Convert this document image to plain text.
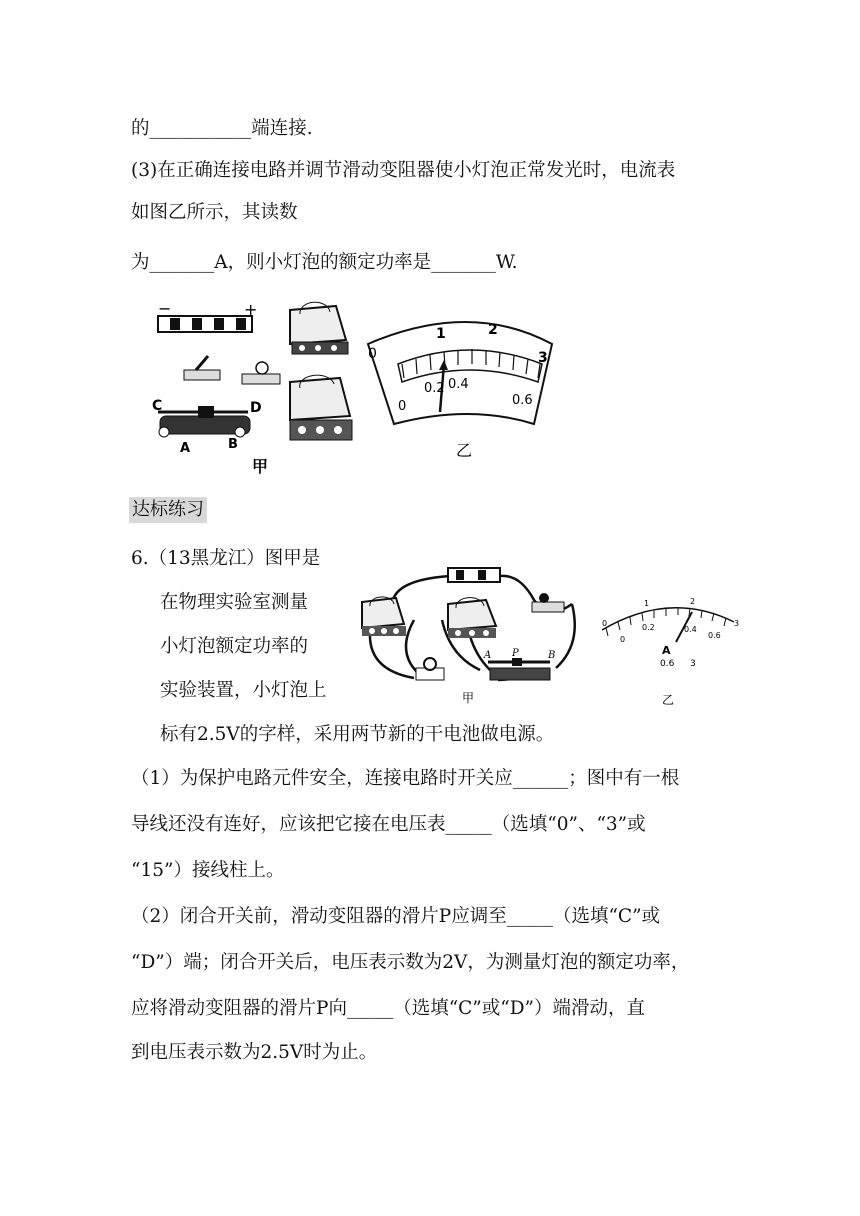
的___________端连接.
(3)在正确连接电路并调节滑动变阻器使小灯泡正常发光时，电流表
如图乙所示，其读数
为_______A，则小灯泡的额定功率是_______W.
−	+
C	D
A	B
甲
0
1	2
3
0
0.2 0.4
0.6
乙
达标练习
6.（13黑龙江）图甲是
在物理实验室测量
小灯泡额定功率的
实验装置，小灯泡上
A P	B
甲
0
1	2
3
0
0.2	0.4
0.6
A
0.6 3
乙
标有2.5V的字样，采用两节新的干电池做电源。
（1）为保护电路元件安全，连接电路时开关应______；图中有一根
导线还没有连好，应该把它接在电压表_____（选填“0”、“3”或
“15”）接线柱上。
（2）闭合开关前，滑动变阻器的滑片P应调至_____（选填“C”或
“D”）端；闭合开关后，电压表示数为2V，为测量灯泡的额定功率，
应将滑动变阻器的滑片P向_____（选填“C”或“D”）端滑动，直
到电压表示数为2.5V时为止。
